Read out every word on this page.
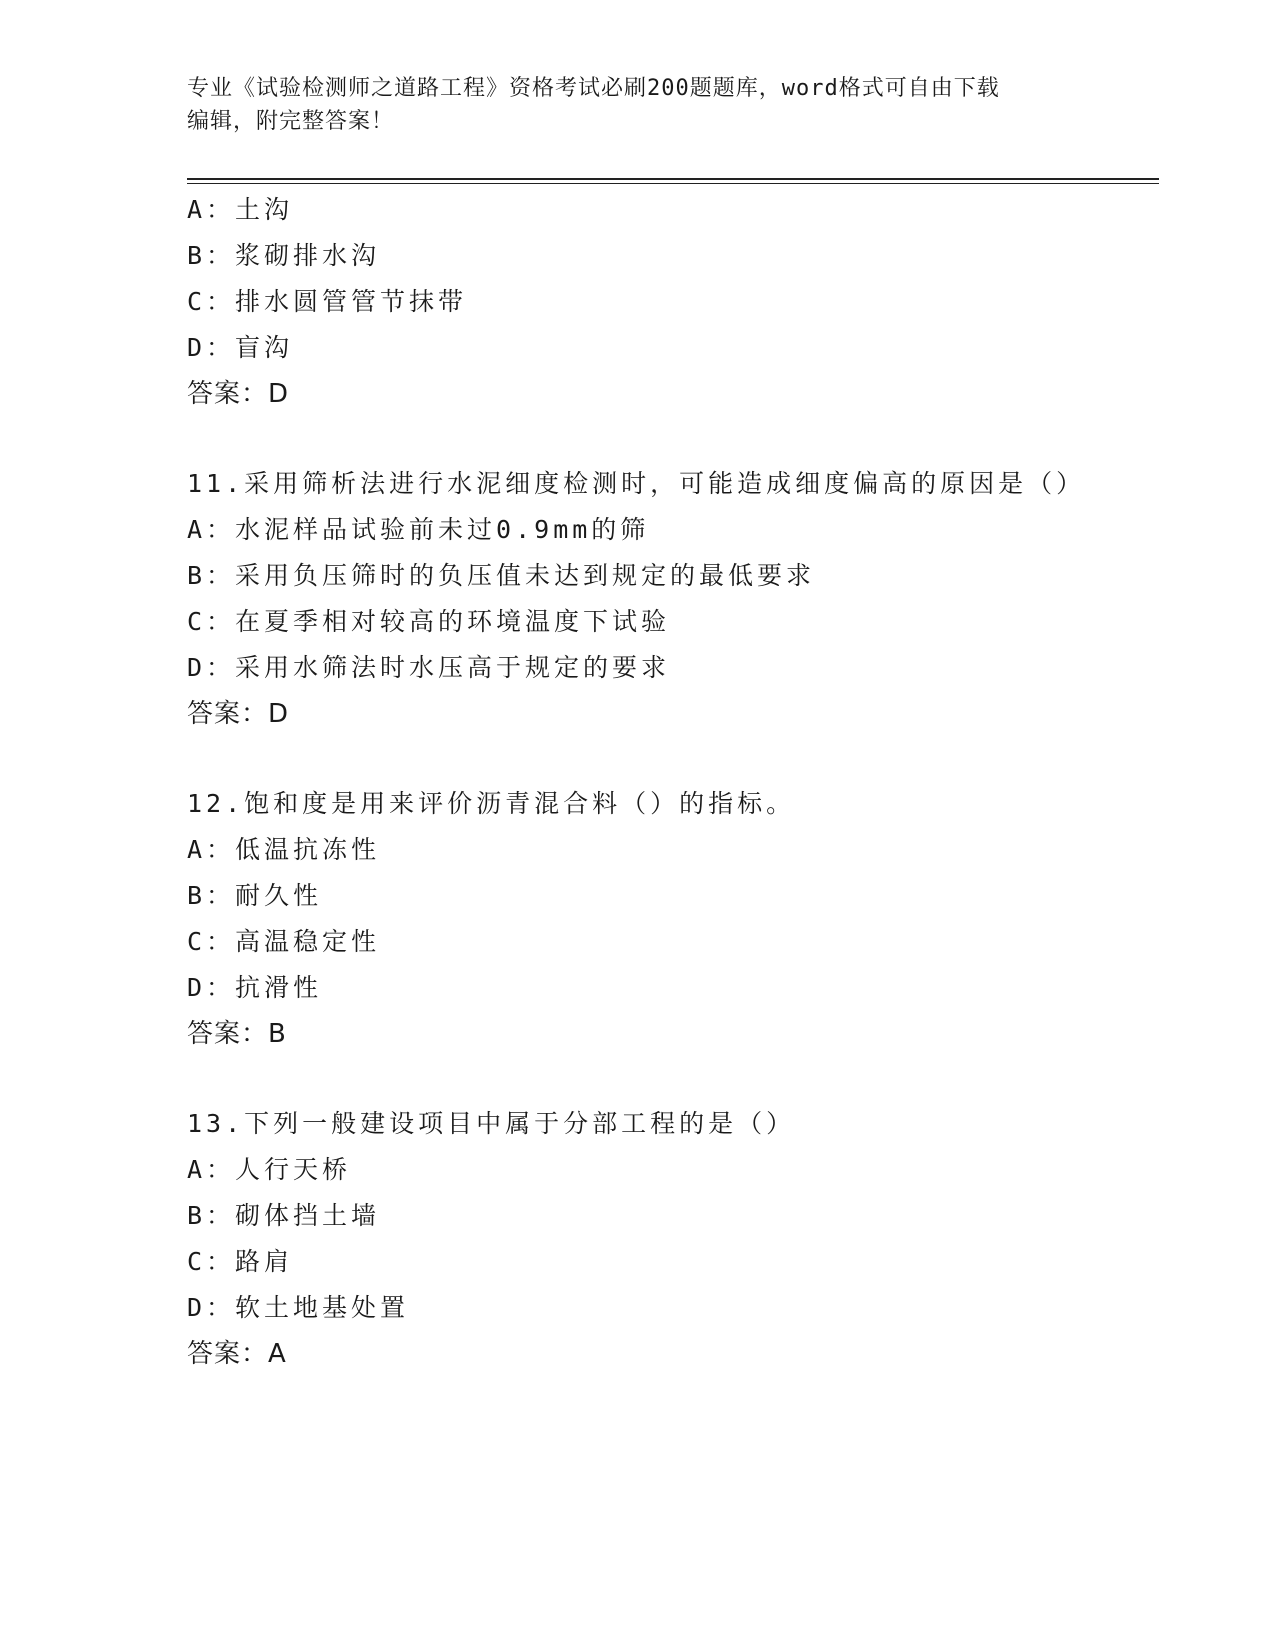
专业《试验检测师之道路工程》资格考试必刷200题题库，word格式可自由下载
编辑，附完整答案！
A：土沟
B：浆砌排水沟
C：排水圆管管节抹带
D：盲沟
答案：D
11.采用筛析法进行水泥细度检测时，可能造成细度偏高的原因是（）
A：水泥样品试验前未过0.9mm的筛
B：采用负压筛时的负压值未达到规定的最低要求
C：在夏季相对较高的环境温度下试验
D：采用水筛法时水压高于规定的要求
答案：D
12.饱和度是用来评价沥青混合料（）的指标。
A：低温抗冻性
B：耐久性
C：高温稳定性
D：抗滑性
答案：B
13.下列一般建设项目中属于分部工程的是（）
A：人行天桥
B：砌体挡土墙
C：路肩
D：软土地基处置
答案：A
